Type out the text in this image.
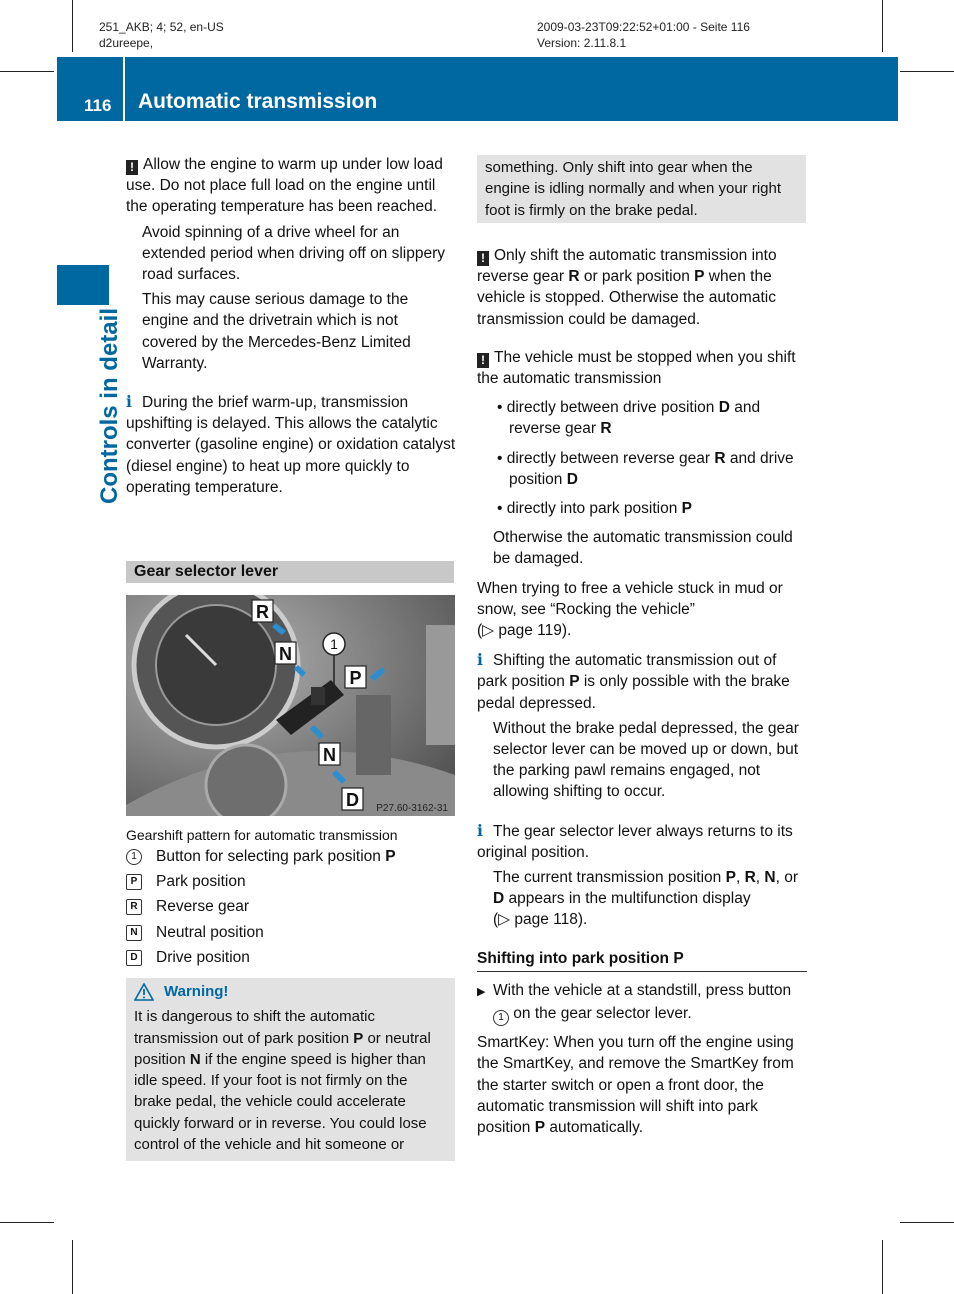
251_AKB; 4; 52, en-US
d2ureepe,
2009-03-23T09:22:52+01:00 - Seite 116
Version: 2.11.8.1
116 Automatic transmission
Controls in detail

! Allow the engine to warm up under low load use. Do not place full load on the engine until the operating temperature has been reached.

Avoid spinning of a drive wheel for an extended period when driving off on slippery road surfaces.

This may cause serious damage to the engine and the drivetrain which is not covered by the Mercedes-Benz Limited Warranty.

i During the brief warm-up, transmission upshifting is delayed. This allows the catalytic converter (gasoline engine) or oxidation catalyst (diesel engine) to heat up more quickly to operating temperature.

Gear selector lever
R
N
P
N
D
1
P27.60-3162-31
Gearshift pattern for automatic transmission
1	Button for selecting park position P
P	Park position
R Reverse gear
N Neutral position
D Drive position
Warning!
It is dangerous to shift the automatic transmission out of park position P or neutral position N if the engine speed is higher than idle speed. If your foot is not firmly on the brake pedal, the vehicle could accelerate quickly forward or in reverse. You could lose control of the vehicle and hit someone or
something. Only shift into gear when the engine is idling normally and when your right foot is firmly on the brake pedal.

! Only shift the automatic transmission into reverse gear R or park position P when the vehicle is stopped. Otherwise the automatic transmission could be damaged.

! The vehicle must be stopped when you shift the automatic transmission

• directly between drive position D and reverse gear R

• directly between reverse gear R and drive position D

• directly into park position P

Otherwise the automatic transmission could be damaged.

When trying to free a vehicle stuck in mud or snow, see “Rocking the vehicle”
(▷ page 119).

i Shifting the automatic transmission out of park position P is only possible with the brake pedal depressed.

Without the brake pedal depressed, the gear selector lever can be moved up or down, but the parking pawl remains engaged, not allowing shifting to occur.

i The gear selector lever always returns to its original position.

The current transmission position P, R, N, or D appears in the multifunction display
(▷ page 118).

Shifting into park position P

▶ With the vehicle at a standstill, press button 1 on the gear selector lever.

SmartKey: When you turn off the engine using the SmartKey, and remove the SmartKey from the starter switch or open a front door, the automatic transmission will shift into park position P automatically.
